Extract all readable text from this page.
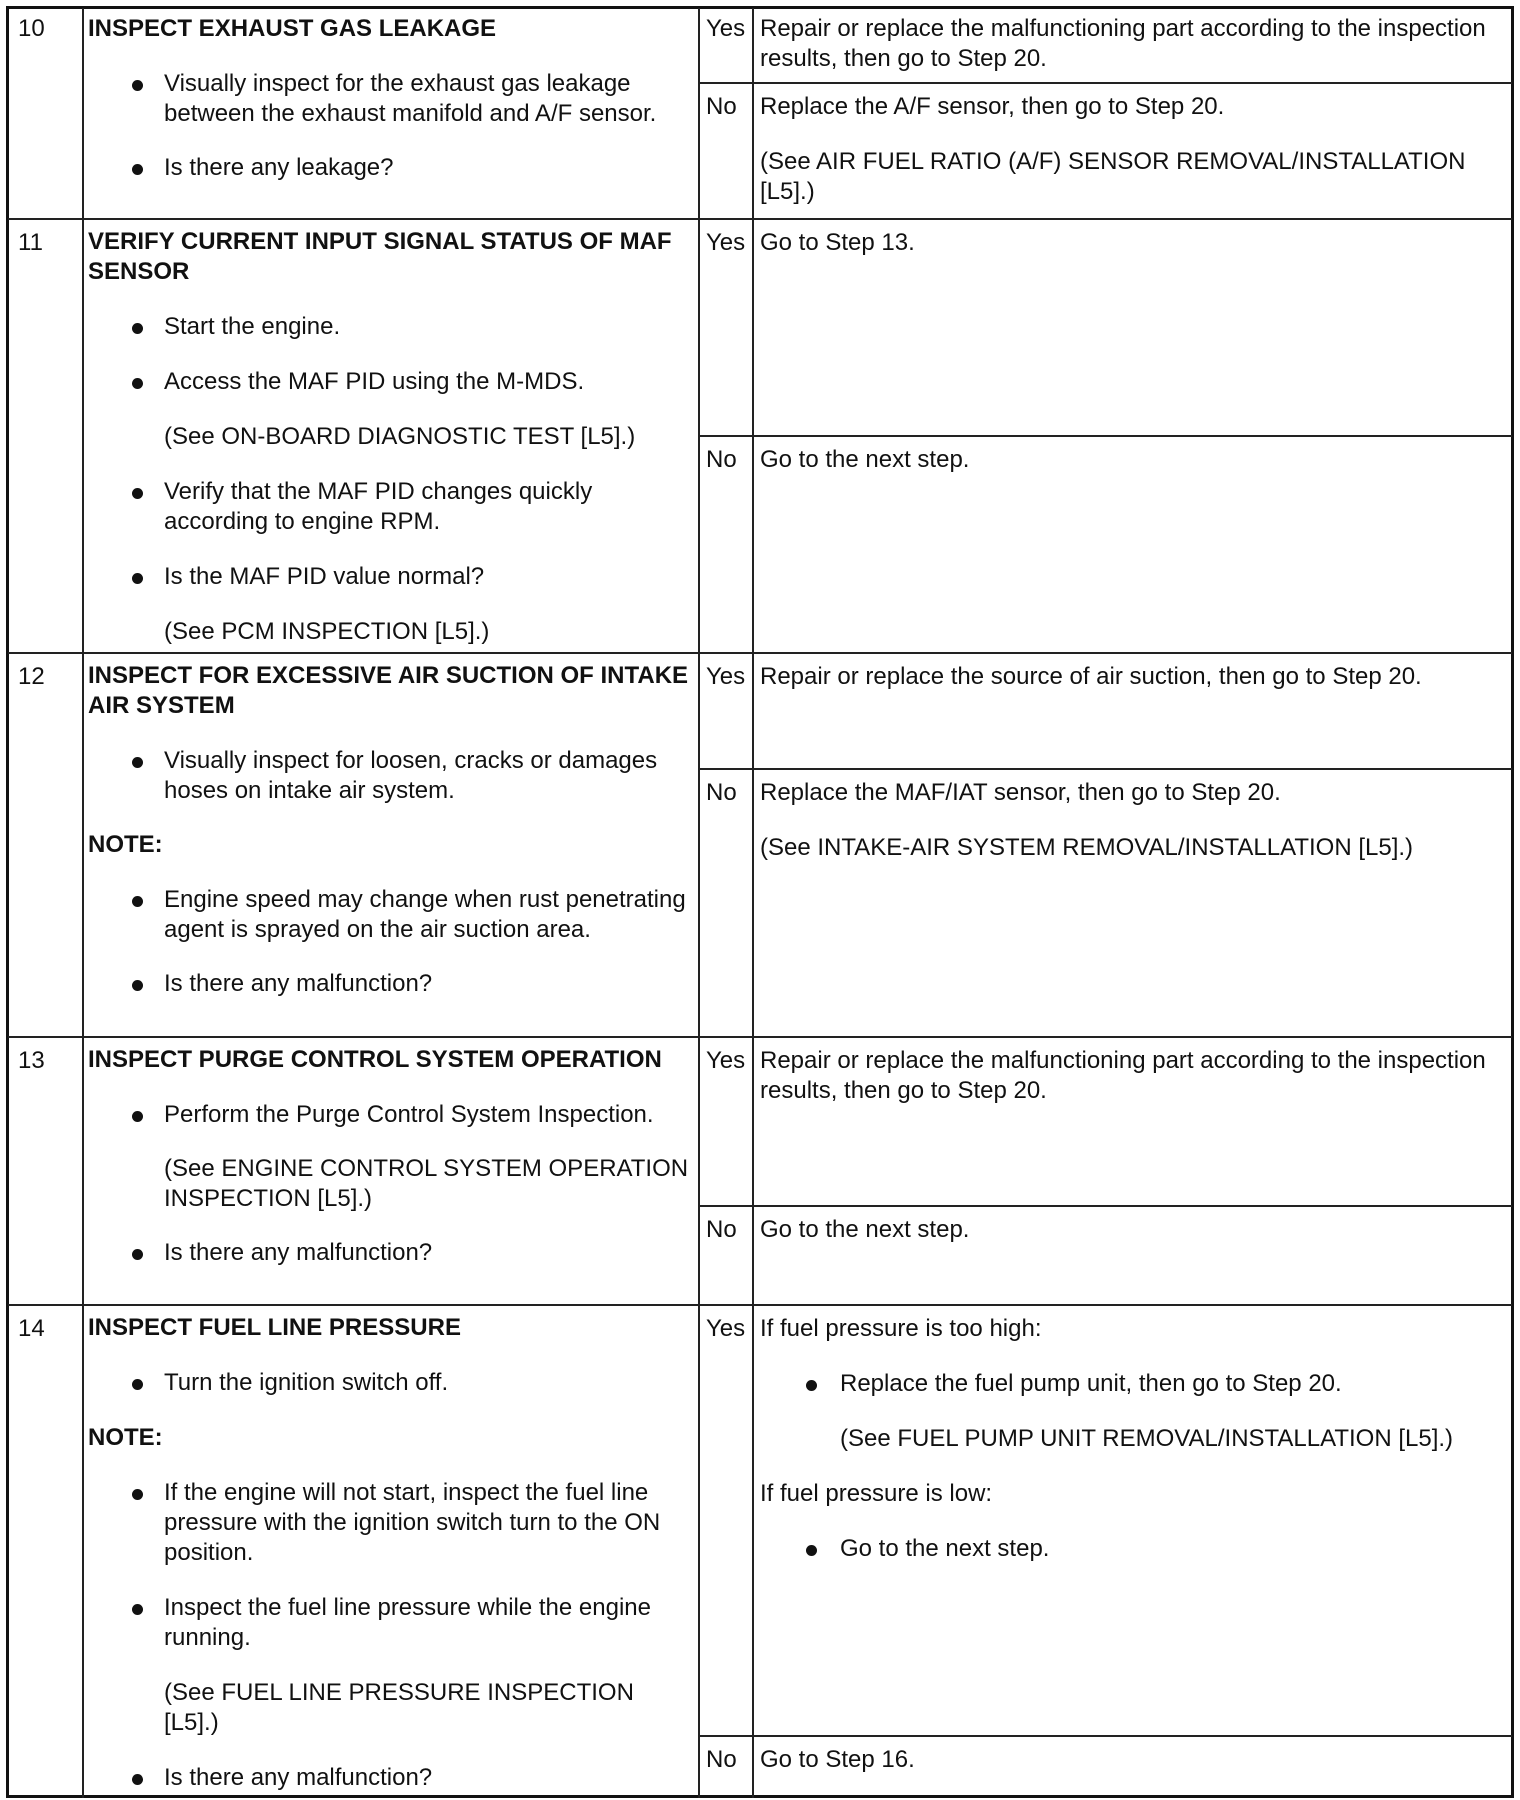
10	INSPECT EXHAUST GAS LEAKAGE

Visually inspect for the exhaust gas leakage between the exhaust manifold and A/F sensor.

Is there any leakage?

Yes Repair or replace the malfunctioning part according to the inspection results, then go to Step 20.
No Replace the A/F sensor, then go to Step 20.

(See AIR FUEL RATIO (A/F) SENSOR REMOVAL/INSTALLATION [L5].)

11	VERIFY CURRENT INPUT SIGNAL STATUS OF MAF SENSOR

Start the engine.

Access the MAF PID using the M-MDS.

(See ON-BOARD DIAGNOSTIC TEST [L5].)

Verify that the MAF PID changes quickly according to engine RPM.

Is the MAF PID value normal?

(See PCM INSPECTION [L5].)

Yes Go to Step 13.
No Go to the next step.
12	INSPECT FOR EXCESSIVE AIR SUCTION OF INTAKE AIR SYSTEM

Visually inspect for loosen, cracks or damages hoses on intake air system.

NOTE:

Engine speed may change when rust penetrating agent is sprayed on the air suction area.

Is there any malfunction?

Yes Repair or replace the source of air suction, then go to Step 20.
No Replace the MAF/IAT sensor, then go to Step 20.

(See INTAKE-AIR SYSTEM REMOVAL/INSTALLATION [L5].)

13	INSPECT PURGE CONTROL SYSTEM OPERATION

Perform the Purge Control System Inspection.

(See ENGINE CONTROL SYSTEM OPERATION INSPECTION [L5].)

Is there any malfunction?

Yes Repair or replace the malfunctioning part according to the inspection results, then go to Step 20.
No Go to the next step.
14	INSPECT FUEL LINE PRESSURE

Turn the ignition switch off.

NOTE:

If the engine will not start, inspect the fuel line pressure with the ignition switch turn to the ON position.

Inspect the fuel line pressure while the engine running.

(See FUEL LINE PRESSURE INSPECTION [L5].)

Is there any malfunction?

Yes If fuel pressure is too high:

Replace the fuel pump unit, then go to Step 20.

(See FUEL PUMP UNIT REMOVAL/INSTALLATION [L5].)

If fuel pressure is low:

Go to the next step.

No Go to Step 16.
